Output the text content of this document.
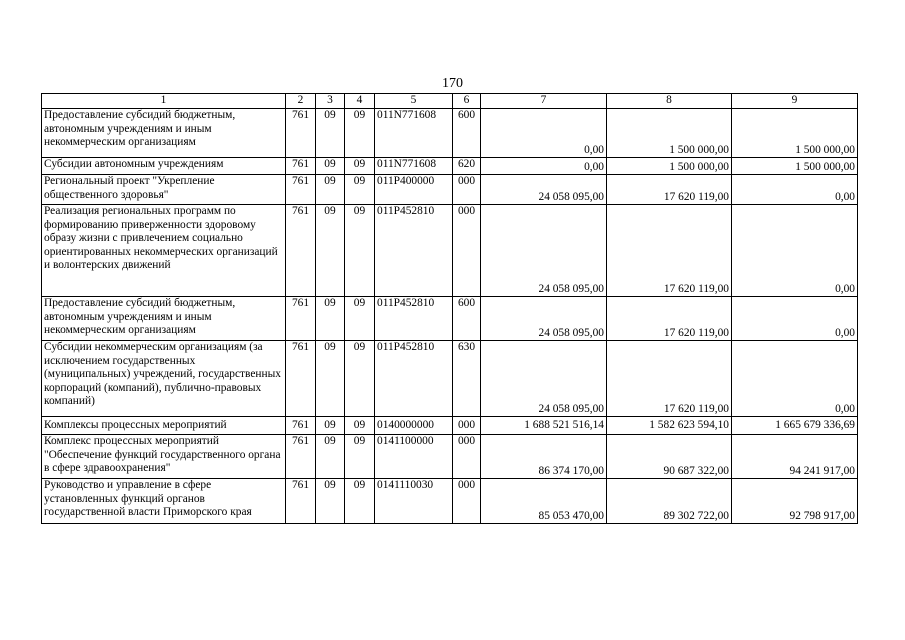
170
1	2	3	4	5	6	7	8	9
Предоставление субсидий бюджетным, автономным учреждениям и иным некоммерческим организациям	761	09	09	011N771608	600	0,00	1 500 000,00	1 500 000,00
Субсидии автономным учреждениям	761	09	09	011N771608	620	0,00	1 500 000,00	1 500 000,00
Региональный проект "Укрепление общественного здоровья"	761	09	09	011P400000	000	24 058 095,00	17 620 119,00	0,00
Реализация региональных программ по формированию приверженности здоровому образу жизни с привлечением социально ориентированных некоммерческих организаций и волонтерских движений	761	09	09	011P452810	000	24 058 095,00	17 620 119,00	0,00
Предоставление субсидий бюджетным, автономным учреждениям и иным некоммерческим организациям	761	09	09	011P452810	600	24 058 095,00	17 620 119,00	0,00
Субсидии некоммерческим организациям (за исключением государственных (муниципальных) учреждений, государственных корпораций (компаний), публично-правовых компаний)	761	09	09	011P452810	630	24 058 095,00	17 620 119,00	0,00
Комплексы процессных мероприятий	761	09	09	0140000000	000	1 688 521 516,14	1 582 623 594,10	1 665 679 336,69
Комплекс процессных мероприятий "Обеспечение функций государственного органа в сфере здравоохранения"	761	09	09	0141100000	000	86 374 170,00	90 687 322,00	94 241 917,00
Руководство и управление в сфере установленных функций органов государственной власти Приморского края	761	09	09	0141110030	000	85 053 470,00	89 302 722,00	92 798 917,00
